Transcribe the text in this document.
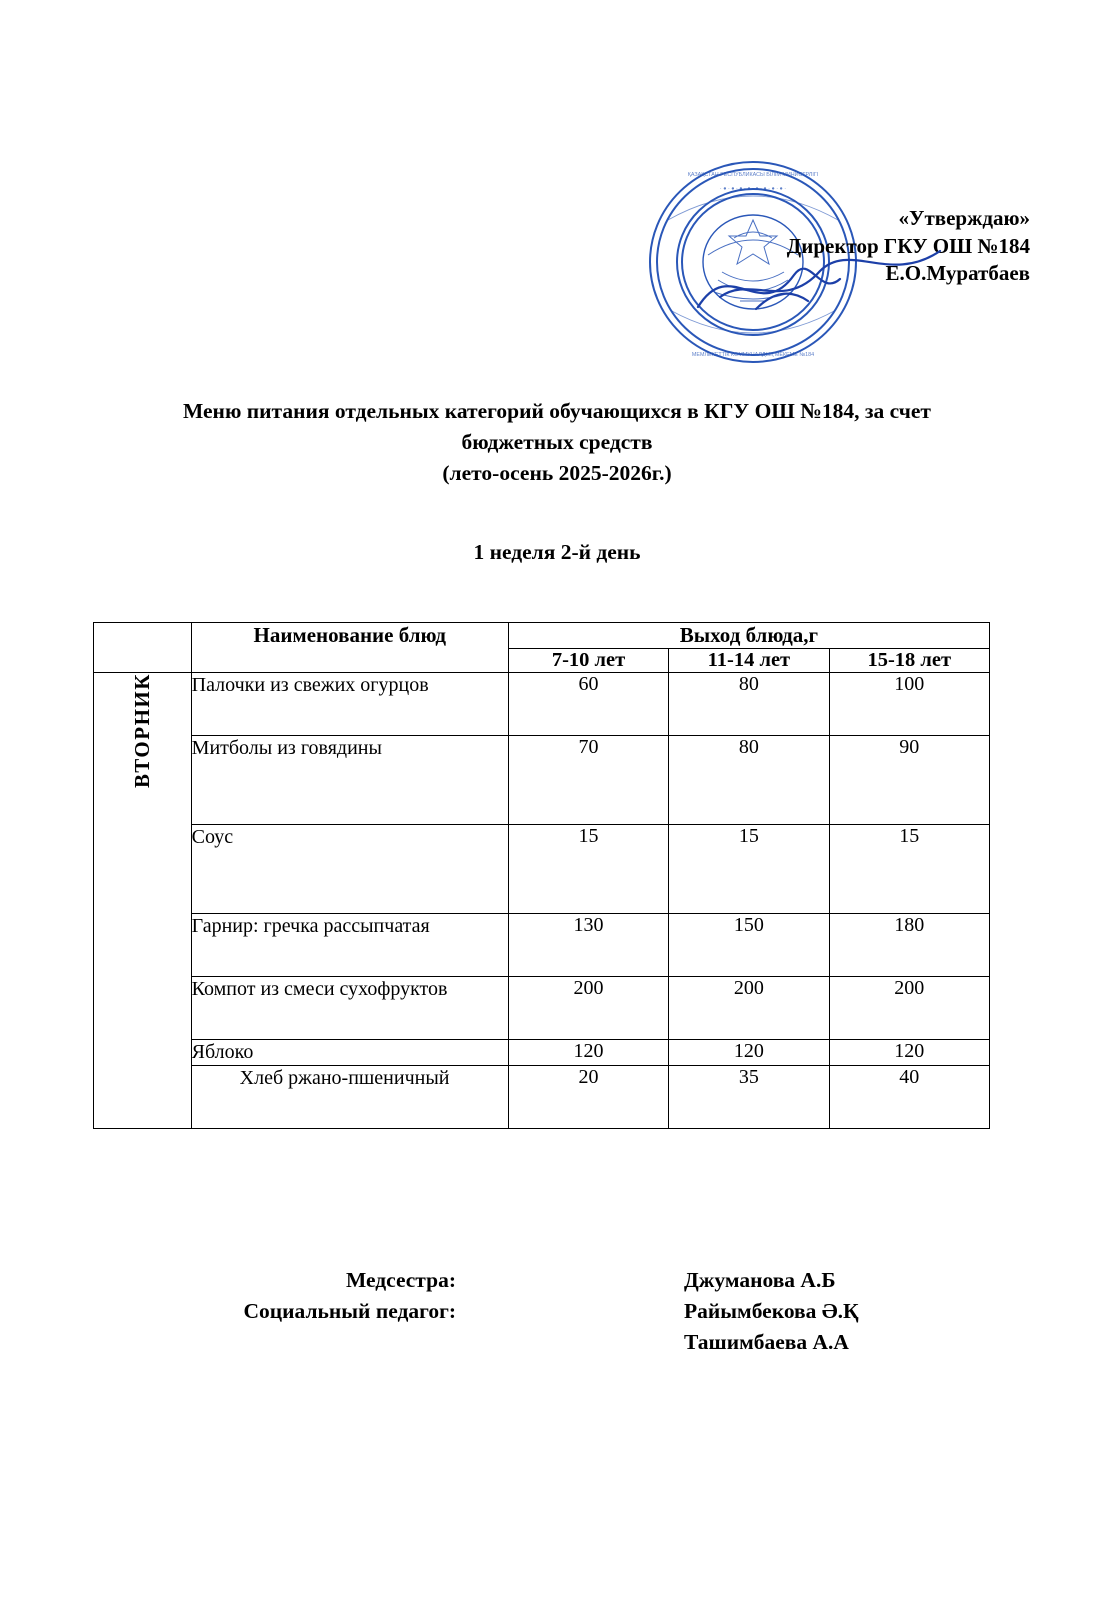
ҚАЗАҚСТАН РЕСПУБЛИКАСЫ БІЛІМ МИНИСТРЛІГІ
МЕМЛЕКЕТТІК КОММУНАЛДЫҚ МЕКЕМЕ №184
· ● · ● · ● · ● · ● · ● · ● · ● ·
«Утверждаю»
Директор ГКУ ОШ №184
Е.О.Муратбаев
Меню питания отдельных категорий обучающихся в КГУ ОШ №184, за счет
бюджетных средств
(лето-осень 2025-2026г.)
1 неделя 2-й день
	Наименование блюд	Выход блюда,г		
		7-10 лет	11-14 лет	15-18 лет
ВТОРНИК	Палочки из свежих огурцов	60	80	100
	Митболы из говядины	70	80	90
	Соус	15	15	15
	Гарнир: гречка рассыпчатая	130	150	180
	Компот из смеси сухофруктов	200	200	200
	Яблоко	120	120	120
	Хлеб ржано-пшеничный	20	35	40
Медсестра:
Социальный педагог:
Джуманова А.Б
Райымбекова Ә.Қ
Ташимбаева А.А
